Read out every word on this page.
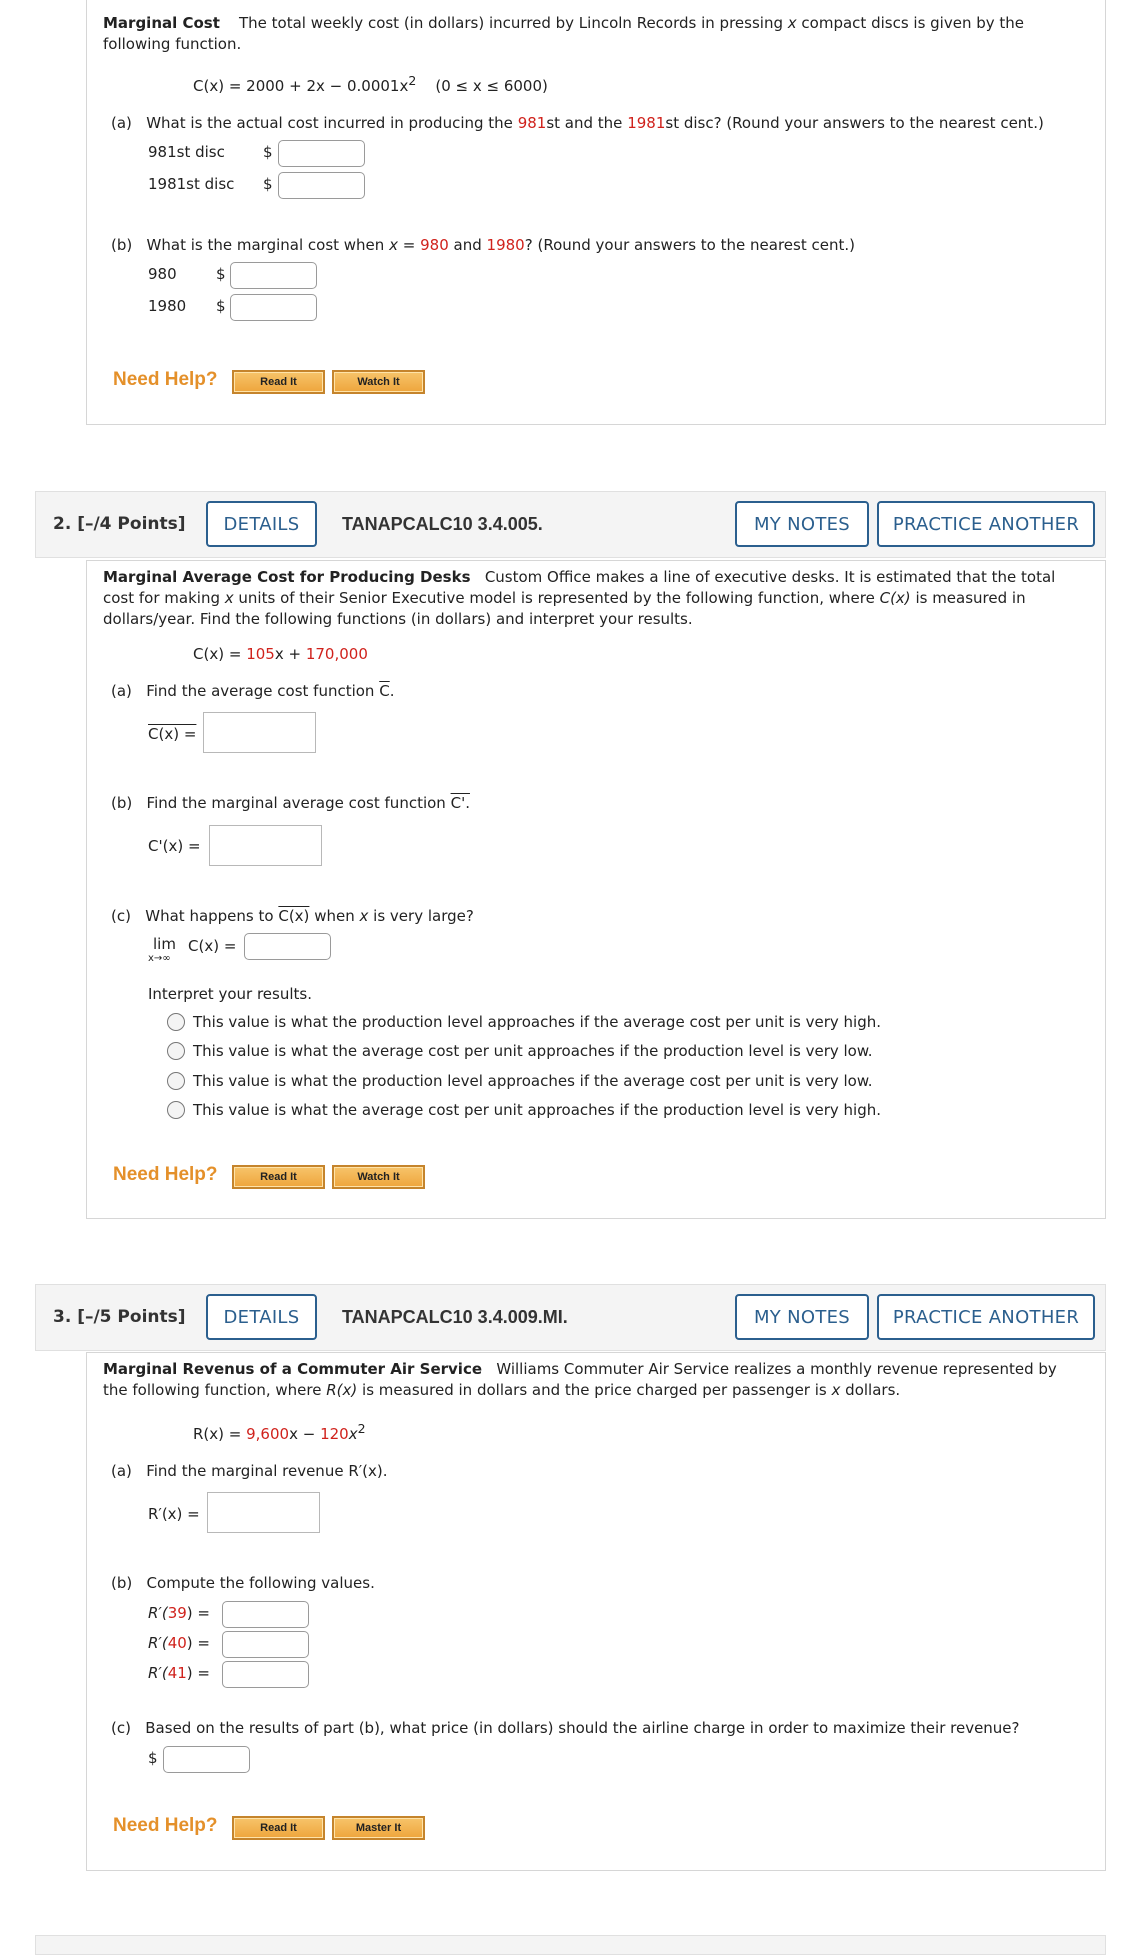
Marginal Cost The total weekly cost (in dollars) incurred by Lincoln Records in pressing x compact discs is given by the
following function.
$C(x) = 2000 + 2x - 0.0001x^2$ (0 ≤ x ≤ 6000)
(a) What is the actual cost incurred in producing the 981st and the 1981st disc? (Round your answers to the nearest cent.)
981st disc	$
1981st disc $
(b) What is the marginal cost when x = 980 and 1980? (Round your answers to the nearest cent.)
980	$
1980 $
Need Help?	Read It	Watch It
2. [–/4 Points]	DETAILS	TANAPCALC10 3.4.005.	MY NOTES	PRACTICE ANOTHER
Marginal Average Cost for Producing Desks Custom Office makes a line of executive desks. It is estimated that the total
cost for making x units of their Senior Executive model is represented by the following function, where C(x) is measured in
dollars/year. Find the following functions (in dollars) and interpret your results.
C(x) = 105x + 170,000
(a) Find the average cost function $\overline{C}$.
C(x) =
(b) Find the marginal average cost function C'.
C'(x) =
(c) What happens to C(x) when x is very large?
lim
x→∞
C(x) =
Interpret your results.
This value is what the production level approaches if the average cost per unit is very high.
This value is what the average cost per unit approaches if the production level is very low.
This value is what the production level approaches if the average cost per unit is very low.
This value is what the average cost per unit approaches if the production level is very high.
Need Help?	Read It	Watch It
3. [–/5 Points]	DETAILS	TANAPCALC10 3.4.009.MI.	MY NOTES	PRACTICE ANOTHER
Marginal Revenus of a Commuter Air Service Williams Commuter Air Service realizes a monthly revenue represented by
the following function, where R(x) is measured in dollars and the price charged per passenger is x dollars.
$R(x) = 9,600x - 120x^2$
(a) Find the marginal revenue R′(x).
R′(x) =
(b) Compute the following values.
R′(39) =
R′(40) =
R′(41) =
(c) Based on the results of part (b), what price (in dollars) should the airline charge in order to maximize their revenue?
$
Need Help?	Read It	Master It
